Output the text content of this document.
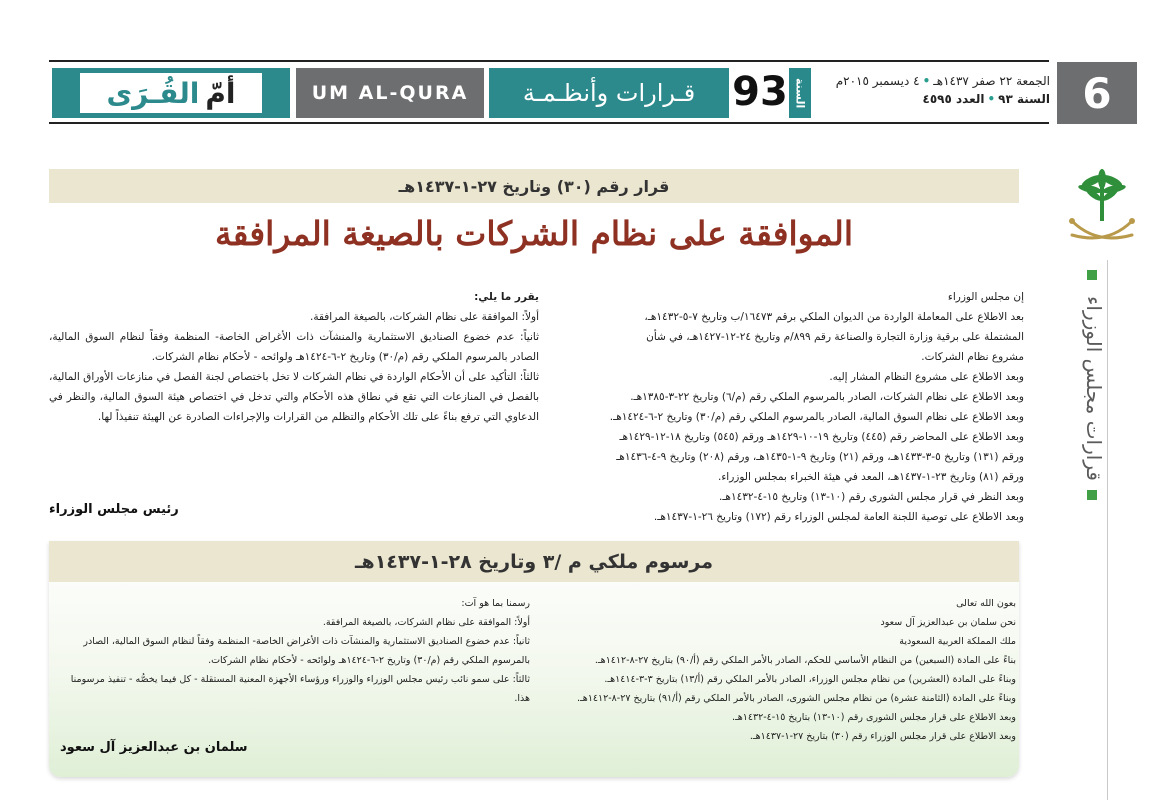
6
الجمعة ٢٢ صفر ١٤٣٧هـ•٤ ديسمبر ٢٠١٥م
السنة ٩٣•العدد ٤٥٩٥
السنة
93
قـرارات وأنظـمـة
UM AL-QURA
أمّ
القُـرَى
قرارات مجلس الوزراء
قرار رقم (٣٠) وتاريخ ٢٧-١-١٤٣٧هـ
الموافقة على نظام الشركات بالصيغة المرافقة

إن مجلس الوزراء

بعد الاطلاع على المعاملة الواردة من الديوان الملكي برقم ١٦٤٧٣/ب وتاريخ ٧-٥-١٤٣٢هـ،

المشتملة على برقية وزارة التجارة والصناعة رقم ٨٩٩/م وتاريخ ٢٤-١٢-١٤٢٧هـ، في شأن

مشروع نظام الشركات.

وبعد الاطلاع على مشروع النظام المشار إليه.

وبعد الاطلاع على نظام الشركات، الصادر بالمرسوم الملكي رقم (م/٦) وتاريخ ٢٢-٣-١٣٨٥هـ.

وبعد الاطلاع على نظام السوق المالية، الصادر بالمرسوم الملكي رقم (م/٣٠) وتاريخ ٢-٦-١٤٢٤هـ.

وبعد الاطلاع على المحاضر رقم (٤٤٥) وتاريخ ١٩-١٠-١٤٢٩هـ ورقم (٥٤٥) وتاريخ ١٨-١٢-١٤٢٩هـ

ورقم (١٣١) وتاريخ ٥-٣-١٤٣٣هـ، ورقم (٢١) وتاريخ ٩-١-١٤٣٥هـ، ورقم (٢٠٨) وتاريخ ٩-٤-١٤٣٦هـ

ورقم (٨١) وتاريخ ٢٣-١-١٤٣٧هـ، المعد في هيئة الخبراء بمجلس الوزراء.

وبعد النظر في قرار مجلس الشورى رقم (١٠-١٣) وتاريخ ١٥-٤-١٤٣٢هـ.

وبعد الاطلاع على توصية اللجنة العامة لمجلس الوزراء رقم (١٧٢) وتاريخ ٢٦-١-١٤٣٧هـ.

يقرر ما يلي:

أولاً: الموافقة على نظام الشركات، بالصيغة المرافقة.

ثانياً: عدم خضوع الصناديق الاستثمارية والمنشآت ذات الأغراض الخاصة- المنظمة وفقاً لنظام السوق المالية، الصادر بالمرسوم الملكي رقم (م/٣٠) وتاريخ ٢-٦-١٤٢٤هـ ولوائحه - لأحكام نظام الشركات.

ثالثاً: التأكيد على أن الأحكام الواردة في نظام الشركات لا تخل باختصاص لجنة الفصل في منازعات الأوراق المالية، بالفصل في المنازعات التي تقع في نطاق هذه الأحكام والتي تدخل في اختصاص هيئة السوق المالية، والنظر في الدعاوي التي ترفع بناءً على تلك الأحكام والتظلم من القرارات والإجراءات الصادرة عن الهيئة تنفيذاً لها.

رئيس مجلس الوزراء
مرسوم ملكي م /٣ وتاريخ ٢٨-١-١٤٣٧هـ

بعون الله تعالى

نحن سلمان بن عبدالعزيز آل سعود

ملك المملكة العربية السعودية

بناءً على المادة (السبعين) من النظام الأساسي للحكم، الصادر بالأمر الملكي رقم (أ/٩٠) بتاريخ ٢٧-٨-١٤١٢هـ.

وبناءً على المادة (العشرين) من نظام مجلس الوزراء، الصادر بالأمر الملكي رقم (أ/١٣) بتاريخ ٣-٣-١٤١٤هـ.

وبناءً على المادة (الثامنة عشرة) من نظام مجلس الشورى، الصادر بالأمر الملكي رقم (أ/٩١) بتاريخ ٢٧-٨-١٤١٢هـ.

وبعد الاطلاع على قرار مجلس الشورى رقم (١٠-١٣) بتاريخ ١٥-٤-١٤٣٢هـ.

وبعد الاطلاع على قرار مجلس الوزراء رقم (٣٠) بتاريخ ٢٧-١-١٤٣٧هـ.

رسمنا بما هو آت:

أولاً: الموافقة على نظام الشركات، بالصيغة المرافقة.

ثانياً: عدم خضوع الصناديق الاستثمارية والمنشآت ذات الأغراض الخاصة- المنظمة وفقاً لنظام السوق المالية، الصادر بالمرسوم الملكي رقم (م/٣٠) وتاريخ ٢-٦-١٤٢٤هـ ولوائحه - لأحكام نظام الشركات.

ثالثاً: على سمو نائب رئيس مجلس الوزراء والوزراء ورؤساء الأجهزة المعنية المستقلة - كل فيما يخصُّه - تنفيذ مرسومنا هذا.

سلمان بن عبدالعزيز آل سعود
